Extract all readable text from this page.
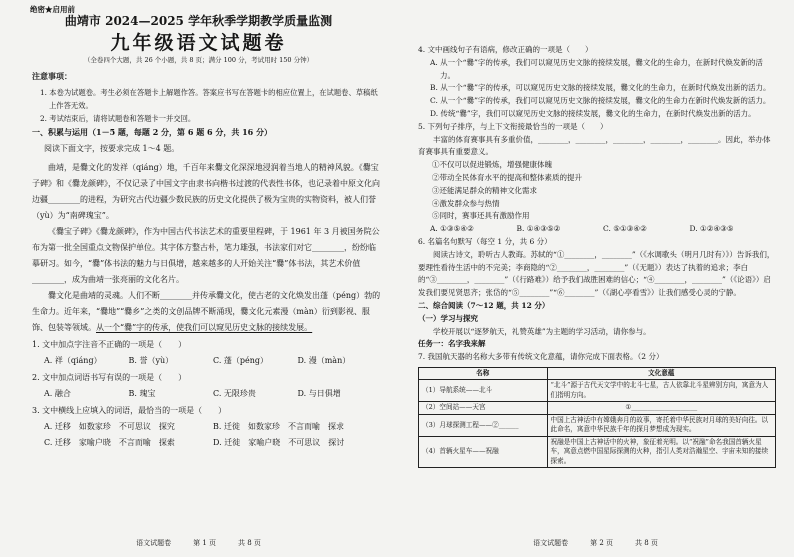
绝密★启用前
曲靖市 2024—2025 学年秋季学期教学质量监测
九年级语文试题卷
（全卷四个大题，共 26 个小题，共 8 页；满分 100 分，考试用时 150 分钟）
注意事项：
1. 本卷为试题卷。考生必须在答题卡上解题作答。答案应书写在答题卡的相应位置上，在试题卷、草稿纸上作答无效。
2. 考试结束后，请将试题卷和答题卡一并交回。
一、积累与运用（1－5 题，每题 2 分，第 6 题 6 分，共 16 分）
阅读下面文字，按要求完成 1～4 题。

曲靖，是爨文化的发祥（qiáng）地，千百年来爨文化深深地浸润着当地人的精神风貌。《爨宝子碑》和《爨龙颜碑》，不仅记录了中国文字由隶书向楷书过渡的代表性书体，也记录着中原文化向边疆________的进程，为研究古代边疆少数民族的历史文化提供了极为宝贵的实物资料，被人们誉（yù）为“南碑瑰宝”。

《爨宝子碑》《爨龙颜碑》，作为中国古代书法艺术的重要里程碑，于 1961 年 3 月被国务院公布为第一批全国重点文物保护单位。其字体方整古朴，笔力雄强，书法家们对它________，纷纷临摹研习。如今，“爨”体书法的魅力与日俱增，越来越多的人开始关注“爨”体书法，其艺术价值________，成为曲靖一张亮丽的文化名片。

爨文化是曲靖的灵魂。人们不断________并传承爨文化，使古老的文化焕发出蓬（péng）勃的生命力。近年来，“爨地”“爨乡”之类的文创品牌不断涌现，爨文化元素漫（màn）衍到影视、服饰、包装等领域。从一个“爨”字的传承，使我们可以窥见历史文脉的接续发展。

1. 文中加点字注音不正确的一项是（　　）
A. 祥（qiáng）	B. 誉（yù）	C. 蓬（péng）	D. 漫（màn）
2. 文中加点词语书写有误的一项是（　　）
A. 融合	B. 瑰宝	C. 无限珍贵	D. 与日俱增
3. 文中横线上应填入的词语，最恰当的一项是（　　）
A. 迁移　如数家珍　不可思议　探究	B. 迁徙　如数家珍　不言而喻　探求
C. 迁移　家喻户晓　不言而喻　探索	D. 迁徙　家喻户晓　不可思议　探讨
语文试题卷	第 1 页	共 8 页
4. 文中画线句子有语病，修改正确的一项是（　　）
A. 从一个“爨”字的传承，我们可以窥见历史文脉的接续发展，爨文化的生命力，在新时代焕发新的活力。
B. 从一个“爨”字的传承，可以窥见历史文脉的接续发展，爨文化的生命力，在新时代焕发出新的活力。
C. 从一个“爨”字的传承，我们可以窥见历史文脉的接续发展，爨文化的生命力在新时代焕发新的活力。
D. 传统“爨”字，我们可以窥见历史文脉的接续发展，爨文化的生命力，在新时代焕发出新的活力。
5. 下列句子排序，与上下文衔接最恰当的一项是（　　）
丰富的体育赛事具有多重价值，________，________，________，________，________。因此，举办体育赛事具有重要意义。
①不仅可以促进锻炼，增强健康体魄
②带动全民体育水平的提高和整体素质的提升
③还能满足群众的精神文化需求
④激发群众参与热情
⑤同时，赛事还具有激励作用
A. ①③⑤④②	B. ①④③⑤②	C. ⑤①③④②	D. ①②④③⑤
6. 名篇名句默写（每空 1 分，共 6 分）
阅读古诗文，聆听古人教诲。苏轼的“①________，________”（《水调歌头（明月几时有）》）告诉我们，要理性看待生活中的不完美；李商隐的“②________，________”（《无题》）表达了执着的追求；李白的“③________，________”（《行路难》）给予我们战胜困难的信心；“④________，________”（《论语》）启发我们要见贤思齐；张岱的“⑤________”“⑥________”（《湖心亭看雪》）让我们感受心灵的宁静。
二、综合阅读（7～12 题，共 12 分）
（一）学习与探究
学校开展以“逐梦航天，礼赞英雄”为主题的学习活动，请你参与。
任务一：名字我来解
7. 我国航天器的名称大多带有传统文化意蕴，请你完成下面表格。（2 分）
名称	文化意蕴
（1）导航系统——北斗	“北斗”源于古代天文学中的北斗七星，古人依靠北斗星辨别方向，寓意为人们指明方向。
（2）空间站——天宫	①____________________
（3）月球探测工程——②______	中国上古神话中有嫦娥奔月的故事，寄托着中华民族对月球的美好向往。以此命名，寓意中华民族千年的探月梦想成为现实。
（4）首辆火星车——祝融	祝融是中国上古神话中的火神，象征着光明。以“祝融”命名我国首辆火星车，寓意点燃中国星际探测的火种，指引人类对浩瀚星空、宇宙未知的接续探索。
语文试题卷	第 2 页	共 8 页
